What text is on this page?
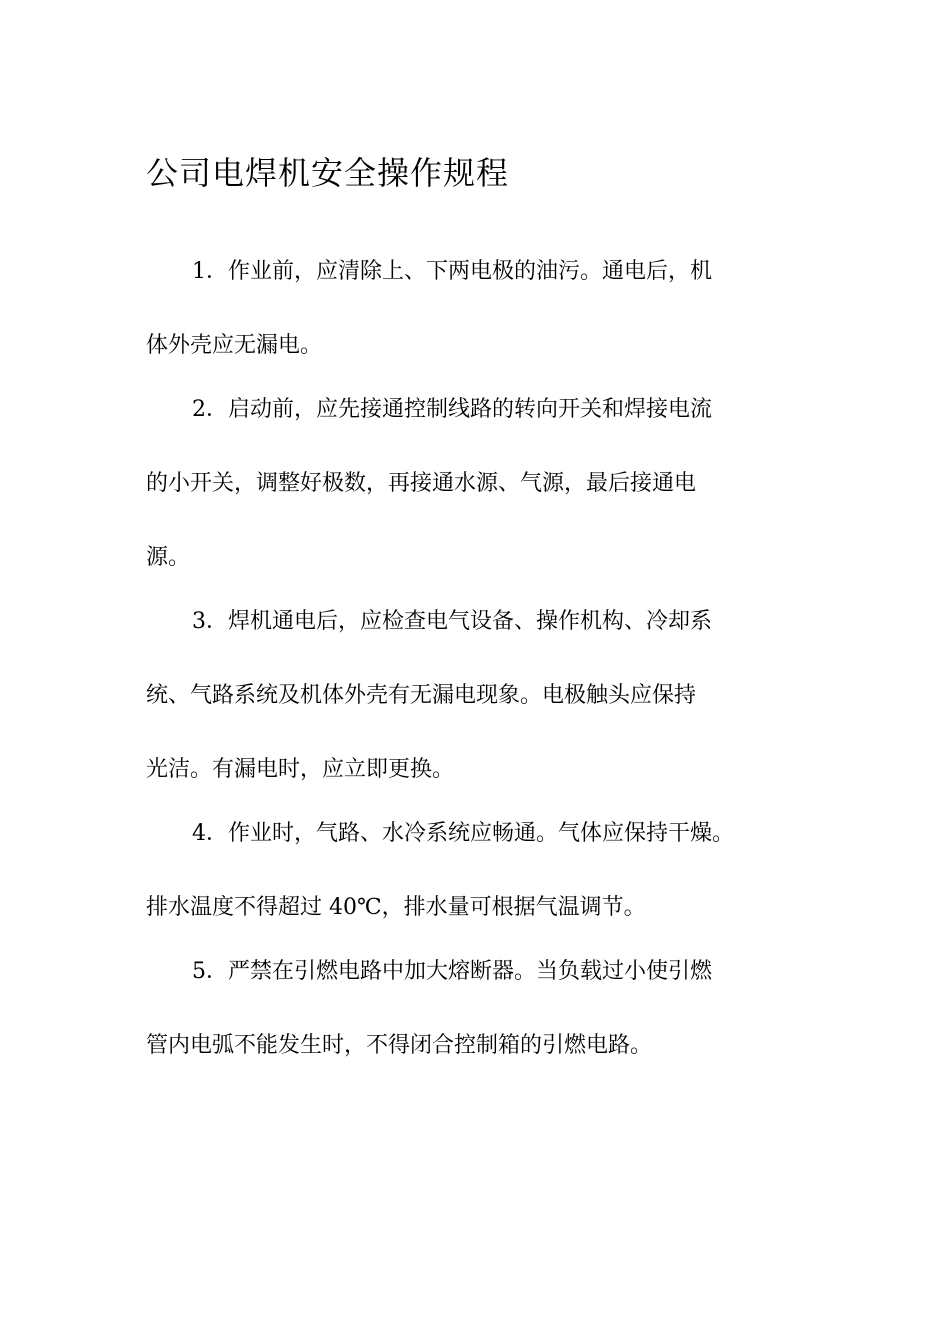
公司电焊机安全操作规程

1．作业前，应清除上、下两电极的油污。通电后，机

体外壳应无漏电。

2．启动前，应先接通控制线路的转向开关和焊接电流

的小开关，调整好极数，再接通水源、气源，最后接通电

源。

3．焊机通电后，应检查电气设备、操作机构、冷却系

统、气路系统及机体外壳有无漏电现象。电极触头应保持

光洁。有漏电时，应立即更换。

4．作业时，气路、水冷系统应畅通。气体应保持干燥。

排水温度不得超过 40℃，排水量可根据气温调节。

5．严禁在引燃电路中加大熔断器。当负载过小使引燃

管内电弧不能发生时，不得闭合控制箱的引燃电路。
